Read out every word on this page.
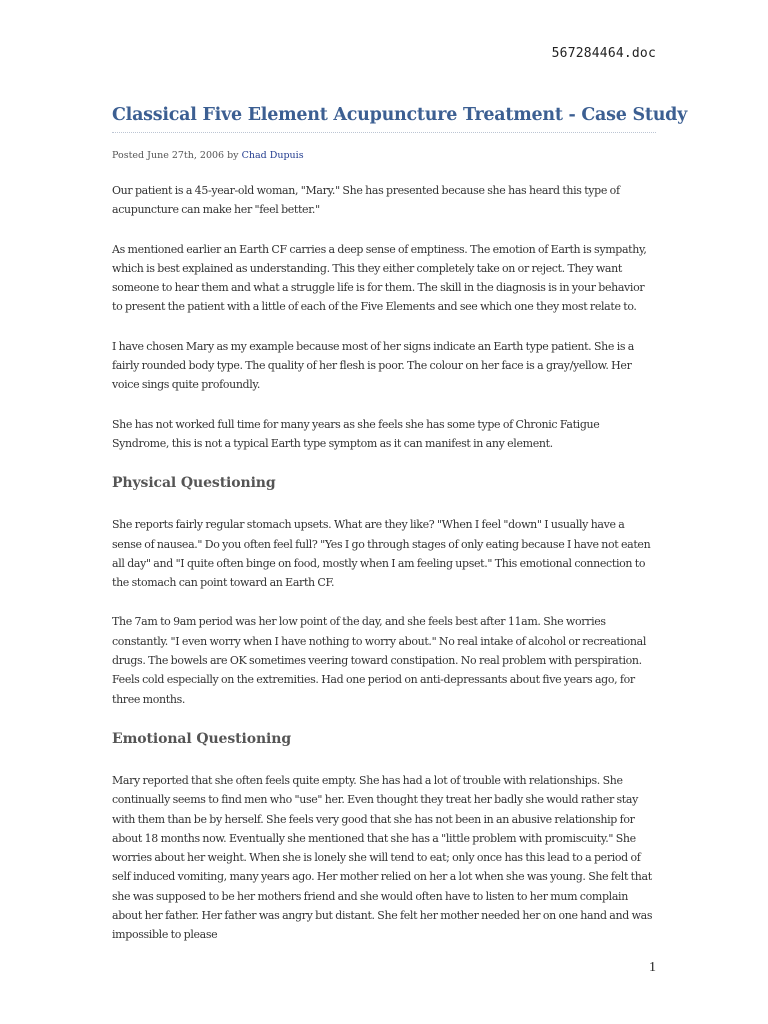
567284464.doc
Classical Five Element Acupuncture Treatment - Case Study
Posted June 27th, 2006 by Chad Dupuis

Our patient is a 45-year-old woman, "Mary." She has presented because she has heard this type of acupuncture can make her "feel better."

As mentioned earlier an Earth CF carries a deep sense of emptiness. The emotion of Earth is sympathy, which is best explained as understanding. This they either completely take on or reject. They want someone to hear them and what a struggle life is for them. The skill in the diagnosis is in your behavior to present the patient with a little of each of the Five Elements and see which one they most relate to.

I have chosen Mary as my example because most of her signs indicate an Earth type patient. She is a fairly rounded body type. The quality of her flesh is poor. The colour on her face is a gray/yellow. Her voice sings quite profoundly.

She has not worked full time for many years as she feels she has some type of Chronic Fatigue Syndrome, this is not a typical Earth type symptom as it can manifest in any element.

Physical Questioning

She reports fairly regular stomach upsets. What are they like? "When I feel "down" I usually have a sense of nausea." Do you often feel full? "Yes I go through stages of only eating because I have not eaten all day" and "I quite often binge on food, mostly when I am feeling upset." This emotional connection to the stomach can point toward an Earth CF.

The 7am to 9am period was her low point of the day, and she feels best after 11am. She worries constantly. "I even worry when I have nothing to worry about." No real intake of alcohol or recreational drugs. The bowels are OK sometimes veering toward constipation. No real problem with perspiration. Feels cold especially on the extremities. Had one period on anti-depressants about five years ago, for three months.

Emotional Questioning

Mary reported that she often feels quite empty. She has had a lot of trouble with relationships. She continually seems to find men who "use" her. Even thought they treat her badly she would rather stay with them than be by herself. She feels very good that she has not been in an abusive relationship for about 18 months now. Eventually she mentioned that she has a "little problem with promiscuity." She worries about her weight. When she is lonely she will tend to eat; only once has this lead to a period of self induced vomiting, many years ago. Her mother relied on her a lot when she was young. She felt that she was supposed to be her mothers friend and she would often have to listen to her mum complain about her father. Her father was angry but distant. She felt her mother needed her on one hand and was impossible to please

1
